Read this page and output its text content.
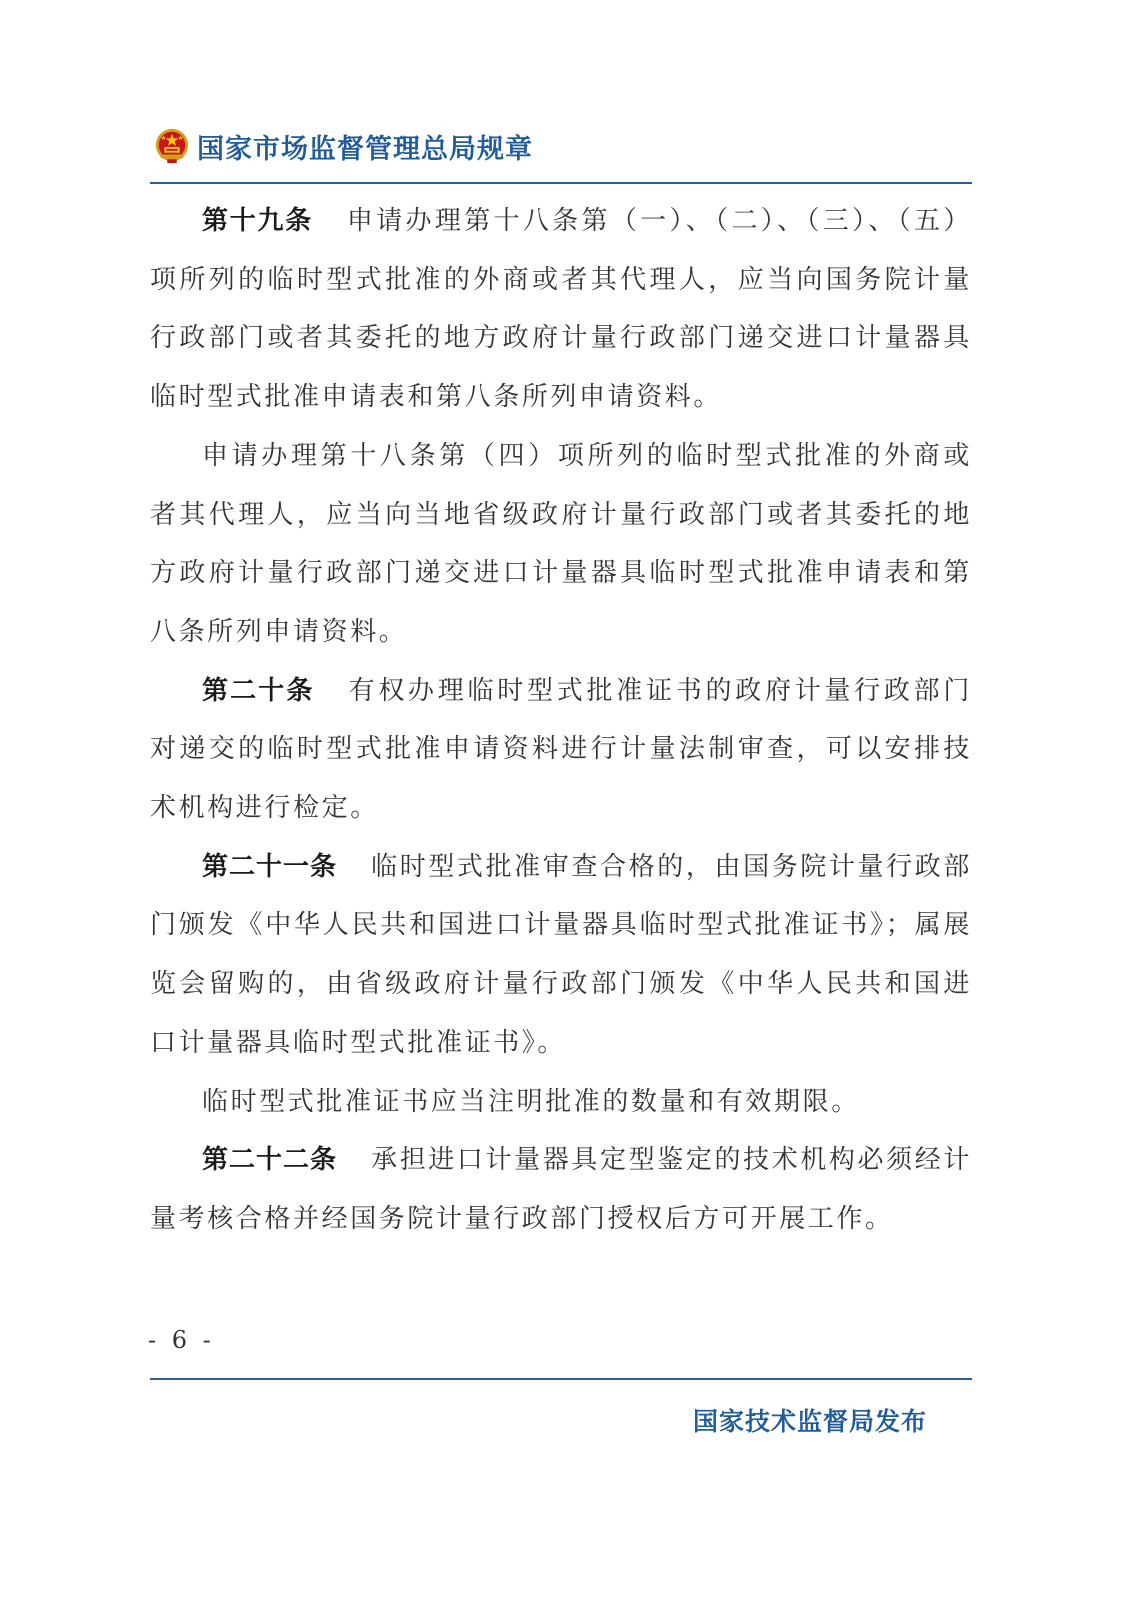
国家市场监督管理总局规章

第十九条 申请办理第十八条第（一）、（二）、（三）、（五）项所列的临时型式批准的外商或者其代理人，应当向国务院计量行政部门或者其委托的地方政府计量行政部门递交进口计量器具临时型式批准申请表和第八条所列申请资料。

申请办理第十八条第（四）项所列的临时型式批准的外商或者其代理人，应当向当地省级政府计量行政部门或者其委托的地方政府计量行政部门递交进口计量器具临时型式批准申请表和第八条所列申请资料。

第二十条 有权办理临时型式批准证书的政府计量行政部门对递交的临时型式批准申请资料进行计量法制审查，可以安排技术机构进行检定。

第二十一条 临时型式批准审查合格的，由国务院计量行政部门颁发《中华人民共和国进口计量器具临时型式批准证书》；属展览会留购的，由省级政府计量行政部门颁发《中华人民共和国进口计量器具临时型式批准证书》。

临时型式批准证书应当注明批准的数量和有效期限。

第二十二条 承担进口计量器具定型鉴定的技术机构必须经计量考核合格并经国务院计量行政部门授权后方可开展工作。

- 6 -
国家技术监督局发布
